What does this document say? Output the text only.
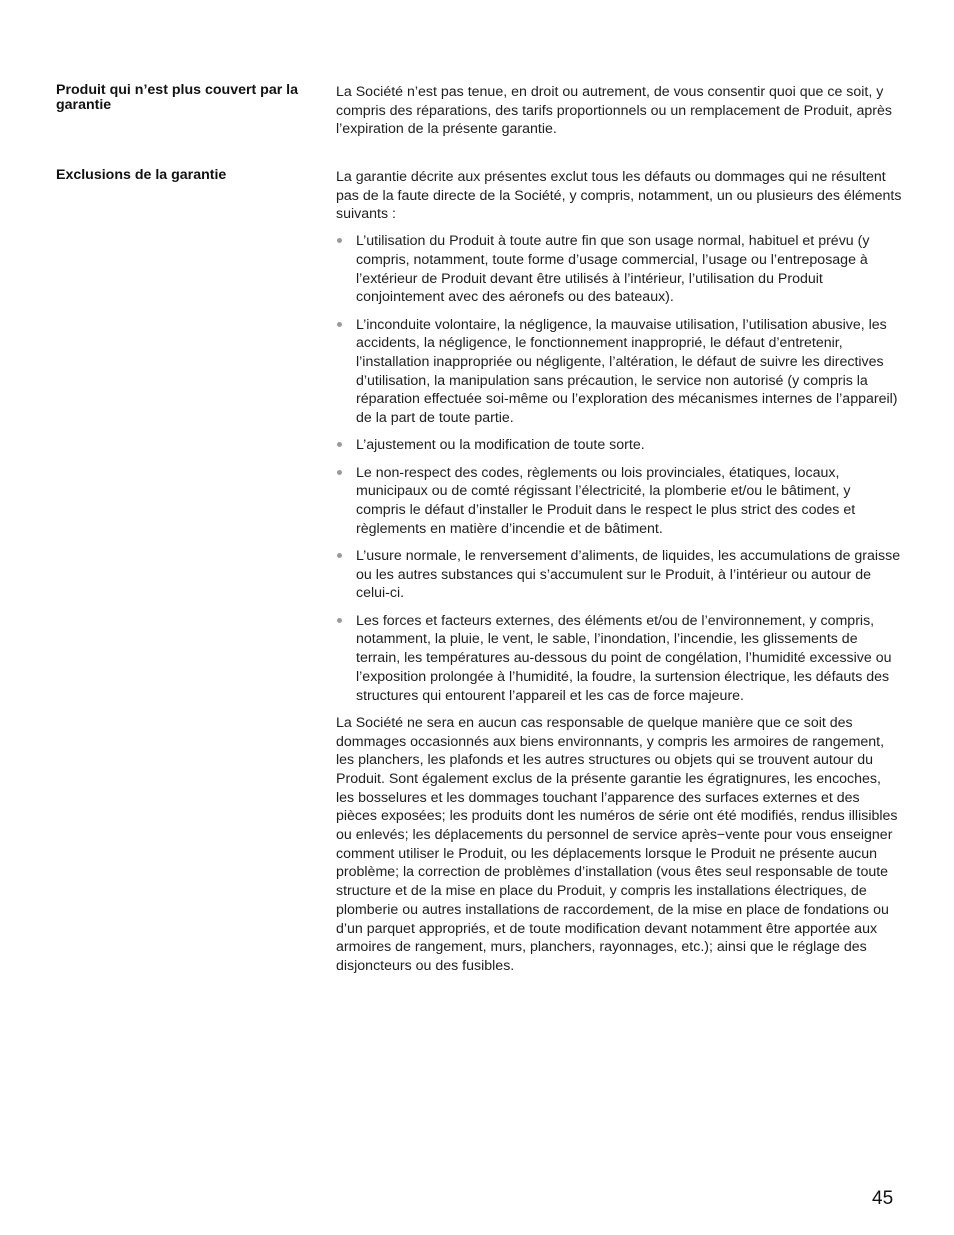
Produit qui n’est plus couvert par la garantie

La Société n’est pas tenue, en droit ou autrement, de vous consentir quoi que ce soit, y compris des réparations, des tarifs proportionnels ou un remplacement de Produit, après l’expiration de la présente garantie.

Exclusions de la garantie	La garantie décrite aux présentes exclut tous les défauts ou dommages qui ne résultent pas de la faute directe de la Société, y compris, notamment, un ou plusieurs des éléments suivants :

L’utilisation du Produit à toute autre fin que son usage normal, habituel et prévu (y compris, notamment, toute forme d’usage commercial, l’usage ou l’entreposage à l’extérieur de Produit devant être utilisés à l’intérieur, l’utilisation du Produit conjointement avec des aéronefs ou des bateaux).
L’inconduite volontaire, la négligence, la mauvaise utilisation, l’utilisation abusive, les accidents, la négligence, le fonctionnement inapproprié, le défaut d’entretenir, l’installation inappropriée ou négligente, l’altération, le défaut de suivre les directives d’utilisation, la manipulation sans précaution, le service non autorisé (y compris la réparation effectuée soi-même ou l’exploration des mécanismes internes de l’appareil) de la part de toute partie.
L’ajustement ou la modification de toute sorte.
Le non-respect des codes, règlements ou lois provinciales, étatiques, locaux, municipaux ou de comté régissant l’électricité, la plomberie et/ou le bâtiment, y compris le défaut d’installer le Produit dans le respect le plus strict des codes et règlements en matière d’incendie et de bâtiment.
L’usure normale, le renversement d’aliments, de liquides, les accumulations de graisse ou les autres substances qui s’accumulent sur le Produit, à l’intérieur ou autour de celui-ci.
Les forces et facteurs externes, des éléments et/ou de l’environnement, y compris, notamment, la pluie, le vent, le sable, l’inondation, l’incendie, les glissements de terrain, les températures au-dessous du point de congélation, l’humidité excessive ou l’exposition prolongée à l’humidité, la foudre, la surtension électrique, les défauts des structures qui entourent l’appareil et les cas de force majeure.

La Société ne sera en aucun cas responsable de quelque manière que ce soit des dommages occasionnés aux biens environnants, y compris les armoires de rangement, les planchers, les plafonds et les autres structures ou objets qui se trouvent autour du Produit. Sont également exclus de la présente garantie les égratignures, les encoches, les bosselures et les dommages touchant l’apparence des surfaces externes et des pièces exposées; les produits dont les numéros de série ont été modifiés, rendus illisibles ou enlevés; les déplacements du personnel de service après−vente pour vous enseigner comment utiliser le Produit, ou les déplacements lorsque le Produit ne présente aucun problème; la correction de problèmes d’installation (vous êtes seul responsable de toute structure et de la mise en place du Produit, y compris les installations électriques, de plomberie ou autres installations de raccordement, de la mise en place de fondations ou d’un parquet appropriés, et de toute modification devant notamment être apportée aux armoires de rangement, murs, planchers, rayonnages, etc.); ainsi que le réglage des disjoncteurs ou des fusibles.

45
